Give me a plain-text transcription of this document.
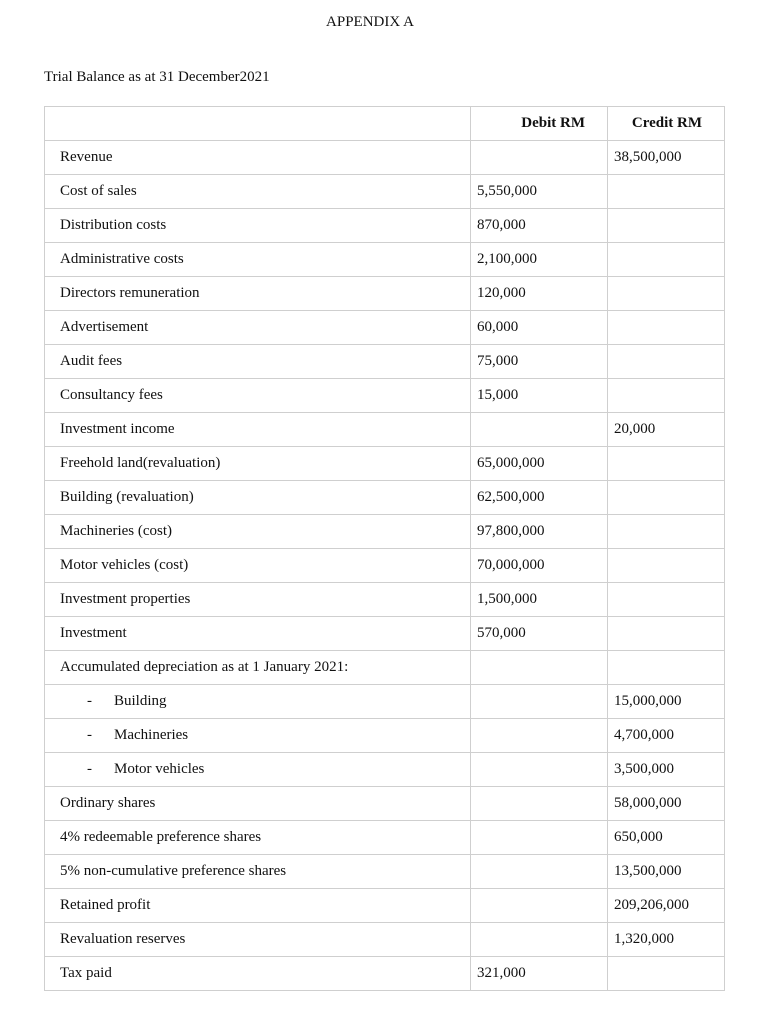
APPENDIX A
Trial Balance as at 31 December2021
	Debit RM	Credit RM
Revenue		38,500,000
Cost of sales	5,550,000	
Distribution costs	870,000	
Administrative costs	2,100,000	
Directors remuneration	120,000	
Advertisement	60,000	
Audit fees	75,000	
Consultancy fees	15,000	
Investment income		20,000
Freehold land(revaluation)	65,000,000	
Building (revaluation)	62,500,000	
Machineries (cost)	97,800,000	
Motor vehicles (cost)	70,000,000	
Investment properties	1,500,000	
Investment	570,000	
Accumulated depreciation as at 1 January 2021:		

- Building		15,000,000

- Machineries		4,700,000

- Motor vehicles		3,500,000
Ordinary shares		58,000,000
4% redeemable preference shares		650,000
5% non-cumulative preference shares		13,500,000
Retained profit		209,206,000
Revaluation reserves		1,320,000
Tax paid	321,000	
